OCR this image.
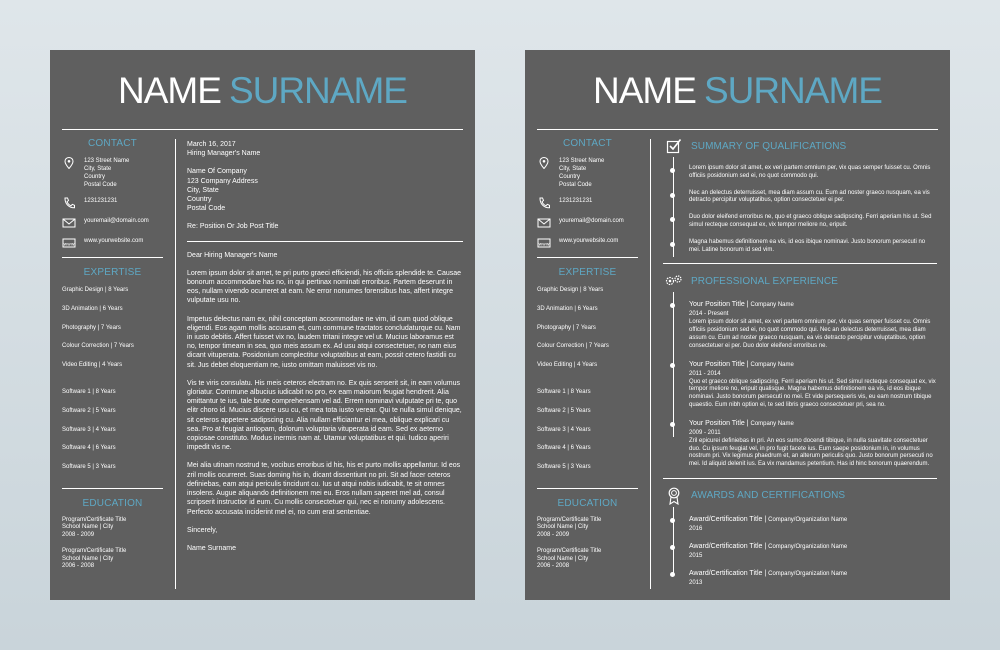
NAME SURNAME
CONTACT
123 Street Name
City, State
Country
Postal Code
1231231231
youremail@domain.com
www
www.yourwebsite.com
EXPERTISE
Graphic Design | 8 Years
3D Animation | 6 Years
Photography | 7 Years
Colour Correction | 7 Years
Video Editing | 4 Years
Software 1 | 8 Years
Software 2 | 5 Years
Software 3 | 4 Years
Software 4 | 6 Years
Software 5 | 3 Years
EDUCATION
Program/Certificate Title
School Name | City
2008 - 2009
Program/Certificate Title
School Name | City
2006 - 2008
March 16, 2017
Hiring Manager's Name
Name Of Company
123 Company Address
City, State
Country
Postal Code
Re: Position Or Job Post Title
Dear Hiring Manager's Name

Lorem ipsum dolor sit amet, te pri purto graeci efficiendi, his officiis splendide te. Causae bonorum accommodare has no, in qui pertinax nominati erroribus. Partem deserunt in eos, nullam vivendo ocurreret at eam. Ne error nonumes forensibus has, affert integre vulputate usu no.

Impetus delectus nam ex, nihil conceptam accommodare ne vim, id cum quod oblique eligendi. Eos agam mollis accusam et, cum commune tractatos concludaturque cu. Nam in iusto debitis. Affert fuisset vix no, laudem tritani integre vel ut. Mucius laboramus est no, tempor timeam in sea, quo meis assum ex. Ad usu atqui consectetuer, no nam eius dicant vituperata. Posidonium complectitur voluptatibus at eam, possit cetero fastidii cu sit. Jus debet eloquentiam ne, iusto omittam maluisset vis no.

Vis te viris consulatu. His meis ceteros electram no. Ex quis senserit sit, in eam volumus gloriatur. Commune albucius iudicabit no pro, ex eam maiorum feugiat hendrerit. Alia omittantur te ius, tale brute comprehensam vel ad. Errem nominavi vulputate pri te, quo elitr choro id. Mucius discere usu cu, et mea tota iusto verear. Qui te nulla simul denique, sit ceteros appetere sadipscing cu. Alia nullam efficiantur ei mea, oblique explicari cu sea. Pro at feugiat antiopam, dolorum voluptaria vituperata id eam. Sed ex aeterno copiosae constituto. Modus inermis nam at. Utamur voluptatibus et qui. Iudico aperiri impedit vis ne.

Mei alia utinam nostrud te, vocibus erroribus id his, his et purto mollis appellantur. Id eos zril mollis ocurreret. Suas doming his in, dicant dissentiunt no pri. Sit ad facer ceteros definiebas, eam atqui periculis tincidunt cu. Ius ut atqui nobis iudicabit, te sit omnes insolens. Augue aliquando definitionem mei eu. Eros nullam saperet mel ad, consul scripserit instructior id eum. Cu mollis consectetuer qui, nec ei nonumy adolescens. Perfecto accusata inciderint mel ei, no cum erat sententiae.

Sincerely,
Name Surname
NAME SURNAME
CONTACT
123 Street Name
City, State
Country
Postal Code
1231231231
youremail@domain.com
www
www.yourwebsite.com
EXPERTISE
Graphic Design | 8 Years
3D Animation | 6 Years
Photography | 7 Years
Colour Correction | 7 Years
Video Editing | 4 Years
Software 1 | 8 Years
Software 2 | 5 Years
Software 3 | 4 Years
Software 4 | 6 Years
Software 5 | 3 Years
EDUCATION
Program/Certificate Title
School Name | City
2008 - 2009
Program/Certificate Title
School Name | City
2006 - 2008
SUMMARY OF QUALIFICATIONS
Lorem ipsum dolor sit amet, ex veri partem omnium per, vix quas semper fuisset cu. Omnis officiis posidonium sed ei, no quot commodo qui.
Nec an delectus deterruisset, mea diam assum cu. Eum ad noster graeco nusquam, ea vis detracto percipitur voluptatibus, option consectetuer ei per.
Duo dolor eleifend erroribus ne, quo et graeco oblique sadipscing. Ferri aperiam his ut. Sed simul recteque consequat ex, vix tempor meliore no, eripuit.
Magna habemus definitionem ea vis, id eos ibique nominavi. Justo bonorum persecuti no mei. Latine bonorum id sed vim.
PROFESSIONAL EXPERIENCE
Your Position Title | Company Name
2014 - Present
Lorem ipsum dolor sit amet, ex veri partem omnium per, vix quas semper fuisset cu. Omnis officiis posidonium sed ei, no quot commodo qui. Nec an delectus deterruisset, mea diam assum cu. Eum ad noster graeco nusquam, ea vis detracto percipitur voluptatibus, option consectetuer ei per. Duo dolor eleifend erroribus ne.
Your Position Title | Company Name
2011 - 2014
Quo et graeco oblique sadipscing. Ferri aperiam his ut. Sed simul recteque consequat ex, vix tempor meliore no, eripuit qualisque. Magna habemus definitionem ea vis, id eos ibique nominavi. Justo bonorum persecuti no mei. Et vide persequeris vis, eu eam nostrum tibique quaestio. Eum nibh option ei, te sed libris graeco consectetuer pri, sea no.
Your Position Title | Company Name
2009 - 2011
Zril epicurei definiebas in pri. An eos sumo docendi tibique, in nulla suavitate consectetuer duo. Cu ipsum feugiat vel, in pro fugit facete ius. Eum saepe posidonium in, in volumus nostrum pri. Vix legimus phaedrum et, an alterum periculis quo. Justo bonorum persecuti no mei. Id aliquid delenit ius. Ea vix mandamus petentium. Has id hinc bonorum quaerendum.
AWARDS AND CERTIFICATIONS
Award/Certification Title | Company/Organization Name
2016
Award/Certification Title | Company/Organization Name
2015
Award/Certification Title | Company/Organization Name
2013
